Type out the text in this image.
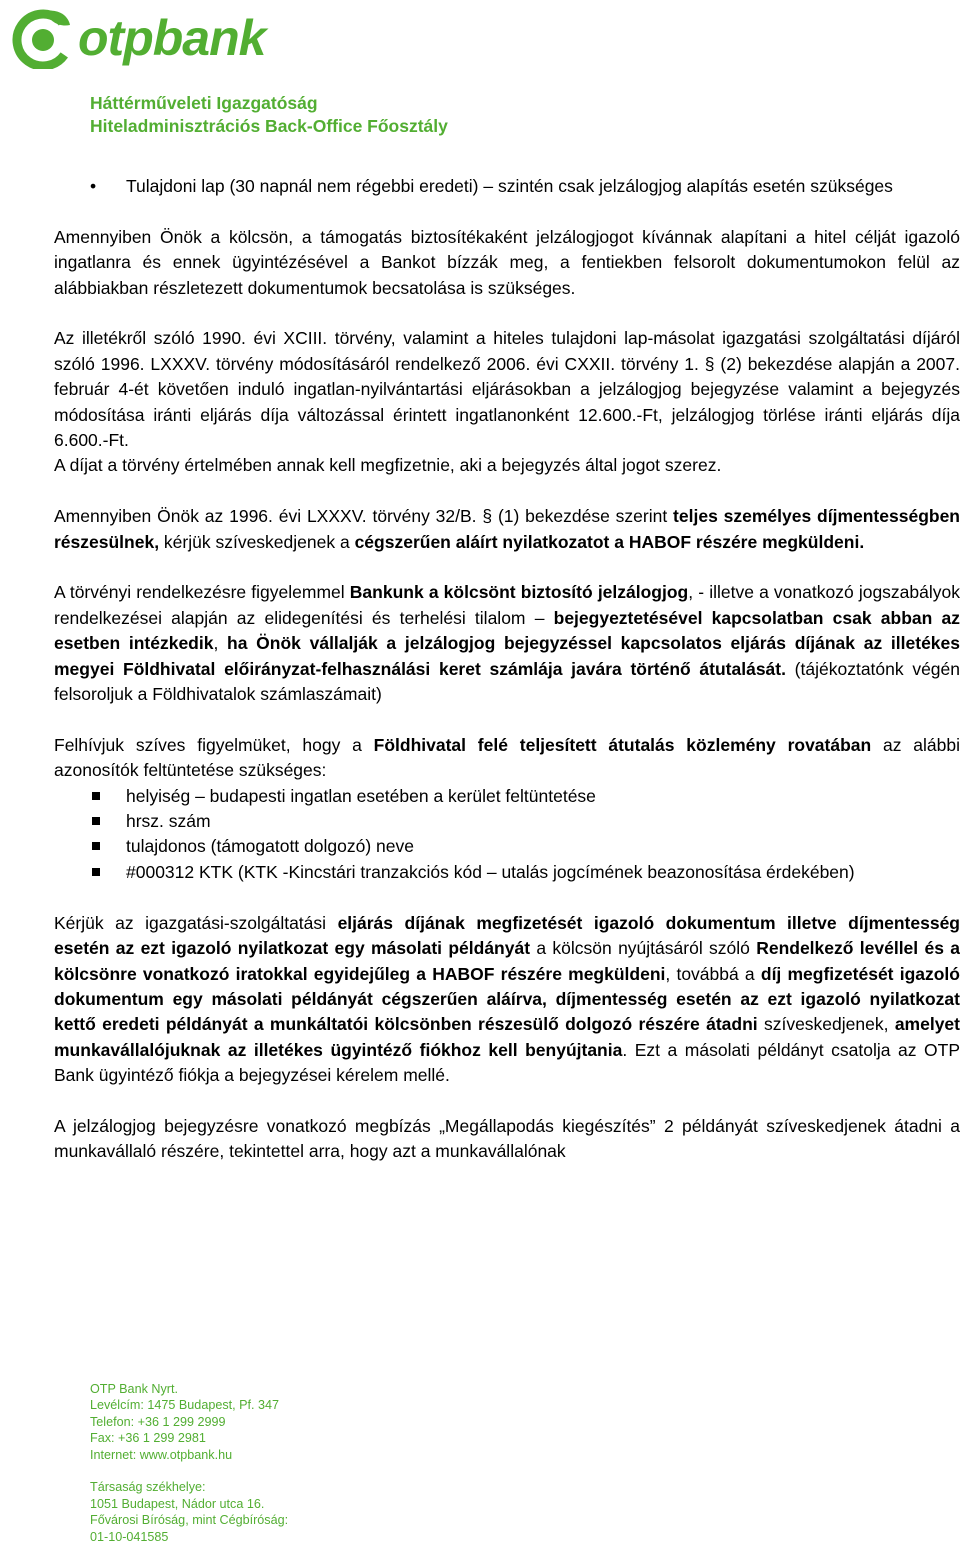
otpbank
Háttérműveleti Igazgatóság
Hiteladminisztrációs Back-Office Főosztály
• Tulajdoni lap (30 napnál nem régebbi eredeti) – szintén csak jelzálogjog alapítás esetén szükséges

Amennyiben Önök a kölcsön, a támogatás biztosítékaként jelzálogjogot kívánnak alapítani a hitel célját igazoló ingatlanra és ennek ügyintézésével a Bankot bízzák meg, a fentiekben felsorolt dokumentumokon felül az alábbiakban részletezett dokumentumok becsatolása is szükséges.

Az illetékről szóló 1990. évi XCIII. törvény, valamint a hiteles tulajdoni lap-másolat igazgatási szolgáltatási díjáról szóló 1996. LXXXV. törvény módosításáról rendelkező 2006. évi CXXII. törvény 1. § (2) bekezdése alapján a 2007. február 4-ét követően induló ingatlan-nyilvántartási eljárásokban a jelzálogjog bejegyzése valamint a bejegyzés módosítása iránti eljárás díja változással érintett ingatlanonként 12.600.-Ft, jelzálogjog törlése iránti eljárás díja 6.600.-Ft.

A díjat a törvény értelmében annak kell megfizetnie, aki a bejegyzés által jogot szerez.

Amennyiben Önök az 1996. évi LXXXV. törvény 32/B. § (1) bekezdése szerint teljes személyes díjmentességben részesülnek, kérjük szíveskedjenek a cégszerűen aláírt nyilatkozatot a HABOF részére megküldeni.

A törvényi rendelkezésre figyelemmel Bankunk a kölcsönt biztosító jelzálogjog, - illetve a vonatkozó jogszabályok rendelkezései alapján az elidegenítési és terhelési tilalom – bejegyeztetésével kapcsolatban csak abban az esetben intézkedik, ha Önök vállalják a jelzálogjog bejegyzéssel kapcsolatos eljárás díjának az illetékes megyei Földhivatal előirányzat-felhasználási keret számlája javára történő átutalását. (tájékoztatónk végén felsoroljuk a Földhivatalok számlaszámait)

Felhívjuk szíves figyelmüket, hogy a Földhivatal felé teljesített átutalás közlemény rovatában az alábbi azonosítók feltüntetése szükséges:

helyiség – budapesti ingatlan esetében a kerület feltüntetése
hrsz. szám
tulajdonos (támogatott dolgozó) neve
#000312 KTK (KTK -Kincstári tranzakciós kód – utalás jogcímének beazonosítása érdekében)

Kérjük az igazgatási-szolgáltatási eljárás díjának megfizetését igazoló dokumentum illetve díjmentesség esetén az ezt igazoló nyilatkozat egy másolati példányát a kölcsön nyújtásáról szóló Rendelkező levéllel és a kölcsönre vonatkozó iratokkal egyidejűleg a HABOF részére megküldeni, továbbá a díj megfizetését igazoló dokumentum egy másolati példányát cégszerűen aláírva, díjmentesség esetén az ezt igazoló nyilatkozat kettő eredeti példányát a munkáltatói kölcsönben részesülő dolgozó részére átadni szíveskedjenek, amelyet munkavállalójuknak az illetékes ügyintéző fiókhoz kell benyújtania. Ezt a másolati példányt csatolja az OTP Bank ügyintéző fiókja a bejegyzései kérelem mellé.

A jelzálogjog bejegyzésre vonatkozó megbízás „Megállapodás kiegészítés” 2 példányát szíveskedjenek átadni a munkavállaló részére, tekintettel arra, hogy azt a munkavállalónak

OTP Bank Nyrt.
Levélcím: 1475 Budapest, Pf. 347
Telefon: +36 1 299 2999
Fax: +36 1 299 2981
Internet: www.otpbank.hu
Társaság székhelye:
1051 Budapest, Nádor utca 16.
Fővárosi Bíróság, mint Cégbíróság:
01-10-041585
